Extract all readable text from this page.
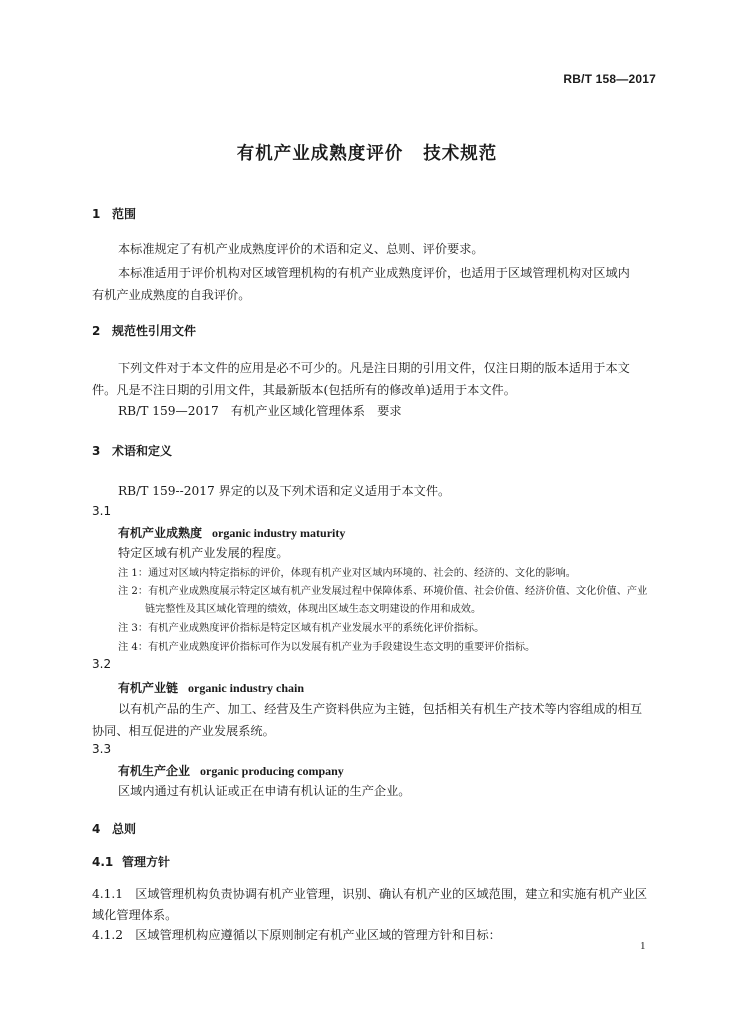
RB/T 158—2017
有机产业成熟度评价 技术规范
1 范围
本标准规定了有机产业成熟度评价的术语和定义、总则、评价要求。
本标准适用于评价机构对区域管理机构的有机产业成熟度评价，也适用于区域管理机构对区域内
有机产业成熟度的自我评价。
2 规范性引用文件
下列文件对于本文件的应用是必不可少的。凡是注日期的引用文件，仅注日期的版本适用于本文
件。凡是不注日期的引用文件，其最新版本(包括所有的修改单)适用于本文件。
RB/T 159—2017　有机产业区域化管理体系　要求
3 术语和定义
RB/T 159--2017 界定的以及下列术语和定义适用于本文件。
3.1
有机产业成熟度 organic industry maturity
特定区域有机产业发展的程度。
注 1：通过对区域内特定指标的评价，体现有机产业对区域内环境的、社会的、经济的、文化的影响。
注 2：有机产业成熟度展示特定区域有机产业发展过程中保障体系、环境价值、社会价值、经济价值、文化价值、产业
链完整性及其区域化管理的绩效，体现出区域生态文明建设的作用和成效。
注 3：有机产业成熟度评价指标是特定区域有机产业发展水平的系统化评价指标。
注 4：有机产业成熟度评价指标可作为以发展有机产业为手段建设生态文明的重要评价指标。
3.2
有机产业链 organic industry chain
以有机产品的生产、加工、经营及生产资料供应为主链，包括相关有机生产技术等内容组成的相互
协同、相互促进的产业发展系统。
3.3
有机生产企业 organic producing company
区域内通过有机认证或正在申请有机认证的生产企业。
4 总则
4.1 管理方针
4.1.1　区域管理机构负责协调有机产业管理，识别、确认有机产业的区域范围，建立和实施有机产业区
域化管理体系。
4.1.2　区域管理机构应遵循以下原则制定有机产业区域的管理方针和目标：
1
